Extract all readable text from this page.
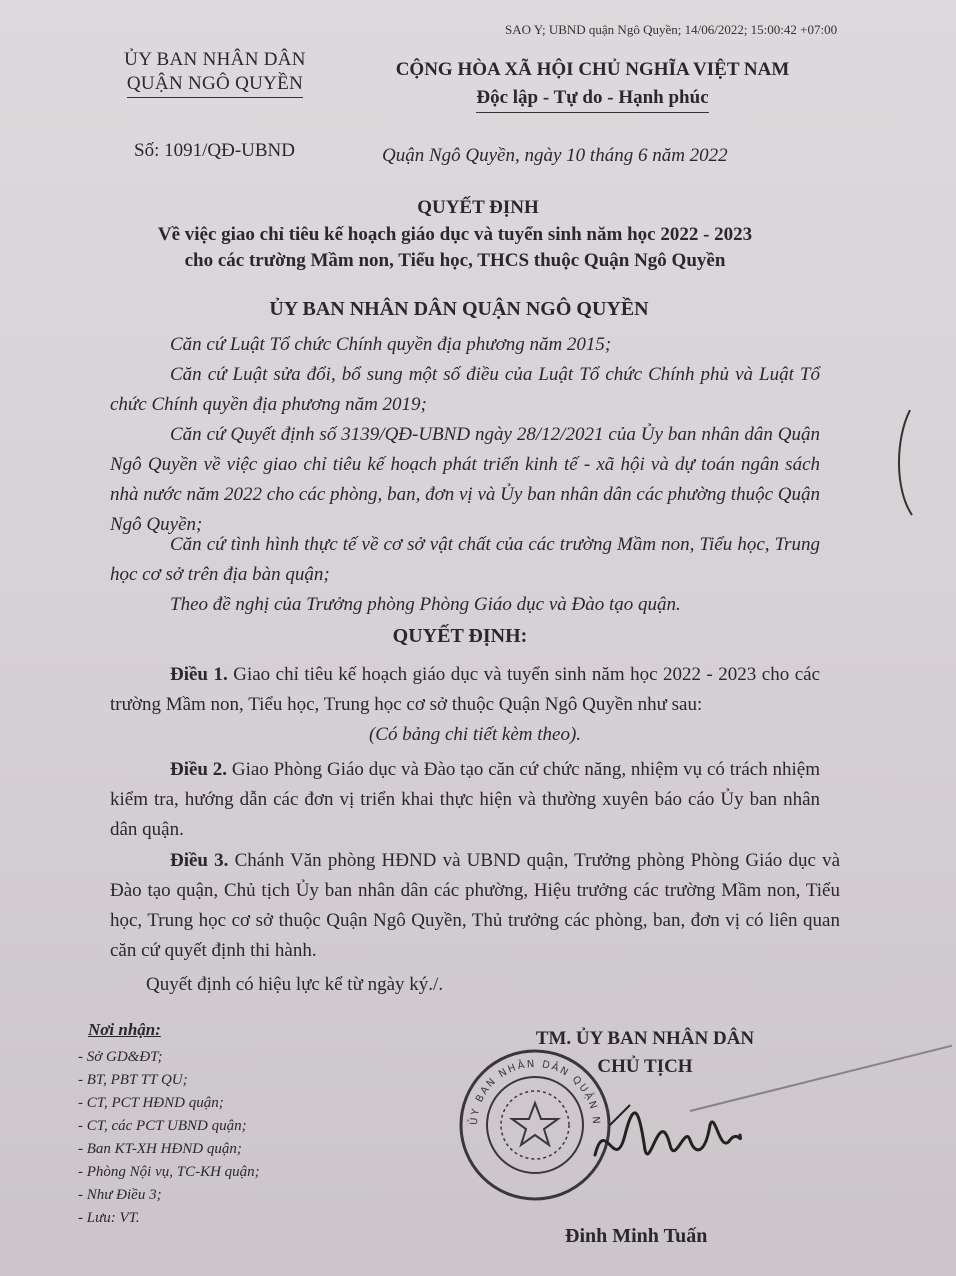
SAO Y; UBND quận Ngô Quyền; 14/06/2022; 15:00:42 +07:00
ỦY BAN NHÂN DÂN
QUẬN NGÔ QUYỀN
CỘNG HÒA XÃ HỘI CHỦ NGHĨA VIỆT NAM
Độc lập - Tự do - Hạnh phúc
Số: 1091/QĐ-UBND	Quận Ngô Quyền, ngày 10 tháng 6 năm 2022
QUYẾT ĐỊNH
Về việc giao chỉ tiêu kế hoạch giáo dục và tuyển sinh năm học 2022 - 2023
cho các trường Mầm non, Tiểu học, THCS thuộc Quận Ngô Quyền
ỦY BAN NHÂN DÂN QUẬN NGÔ QUYỀN
Căn cứ Luật Tổ chức Chính quyền địa phương năm 2015;
Căn cứ Luật sửa đổi, bổ sung một số điều của Luật Tổ chức Chính phủ và Luật Tổ chức Chính quyền địa phương năm 2019;
Căn cứ Quyết định số 3139/QĐ-UBND ngày 28/12/2021 của Ủy ban nhân dân Quận Ngô Quyền về việc giao chỉ tiêu kế hoạch phát triển kinh tế - xã hội và dự toán ngân sách nhà nước năm 2022 cho các phòng, ban, đơn vị và Ủy ban nhân dân các phường thuộc Quận Ngô Quyền;
Căn cứ tình hình thực tế về cơ sở vật chất của các trường Mầm non, Tiểu học, Trung học cơ sở trên địa bàn quận;
Theo đề nghị của Trưởng phòng Phòng Giáo dục và Đào tạo quận.
QUYẾT ĐỊNH:
Điều 1. Giao chỉ tiêu kế hoạch giáo dục và tuyển sinh năm học 2022 - 2023 cho các trường Mầm non, Tiểu học, Trung học cơ sở thuộc Quận Ngô Quyền như sau:
(Có bảng chi tiết kèm theo).
Điều 2. Giao Phòng Giáo dục và Đào tạo căn cứ chức năng, nhiệm vụ có trách nhiệm kiểm tra, hướng dẫn các đơn vị triển khai thực hiện và thường xuyên báo cáo Ủy ban nhân dân quận.
Điều 3. Chánh Văn phòng HĐND và UBND quận, Trưởng phòng Phòng Giáo dục và Đào tạo quận, Chủ tịch Ủy ban nhân dân các phường, Hiệu trưởng các trường Mầm non, Tiểu học, Trung học cơ sở thuộc Quận Ngô Quyền, Thủ trưởng các phòng, ban, đơn vị có liên quan căn cứ quyết định thi hành.
Quyết định có hiệu lực kể từ ngày ký./.
Nơi nhận:
- Sở GD&ĐT;
- BT, PBT TT QU;
- CT, PCT HĐND quận;
- CT, các PCT UBND quận;
- Ban KT-XH HĐND quận;
- Phòng Nội vụ, TC-KH quận;
- Như Điều 3;
- Lưu: VT.
TM. ỦY BAN NHÂN DÂN
CHỦ TỊCH
ỦY BAN NHÂN DÂN QUẬN N
Đinh Minh Tuấn
